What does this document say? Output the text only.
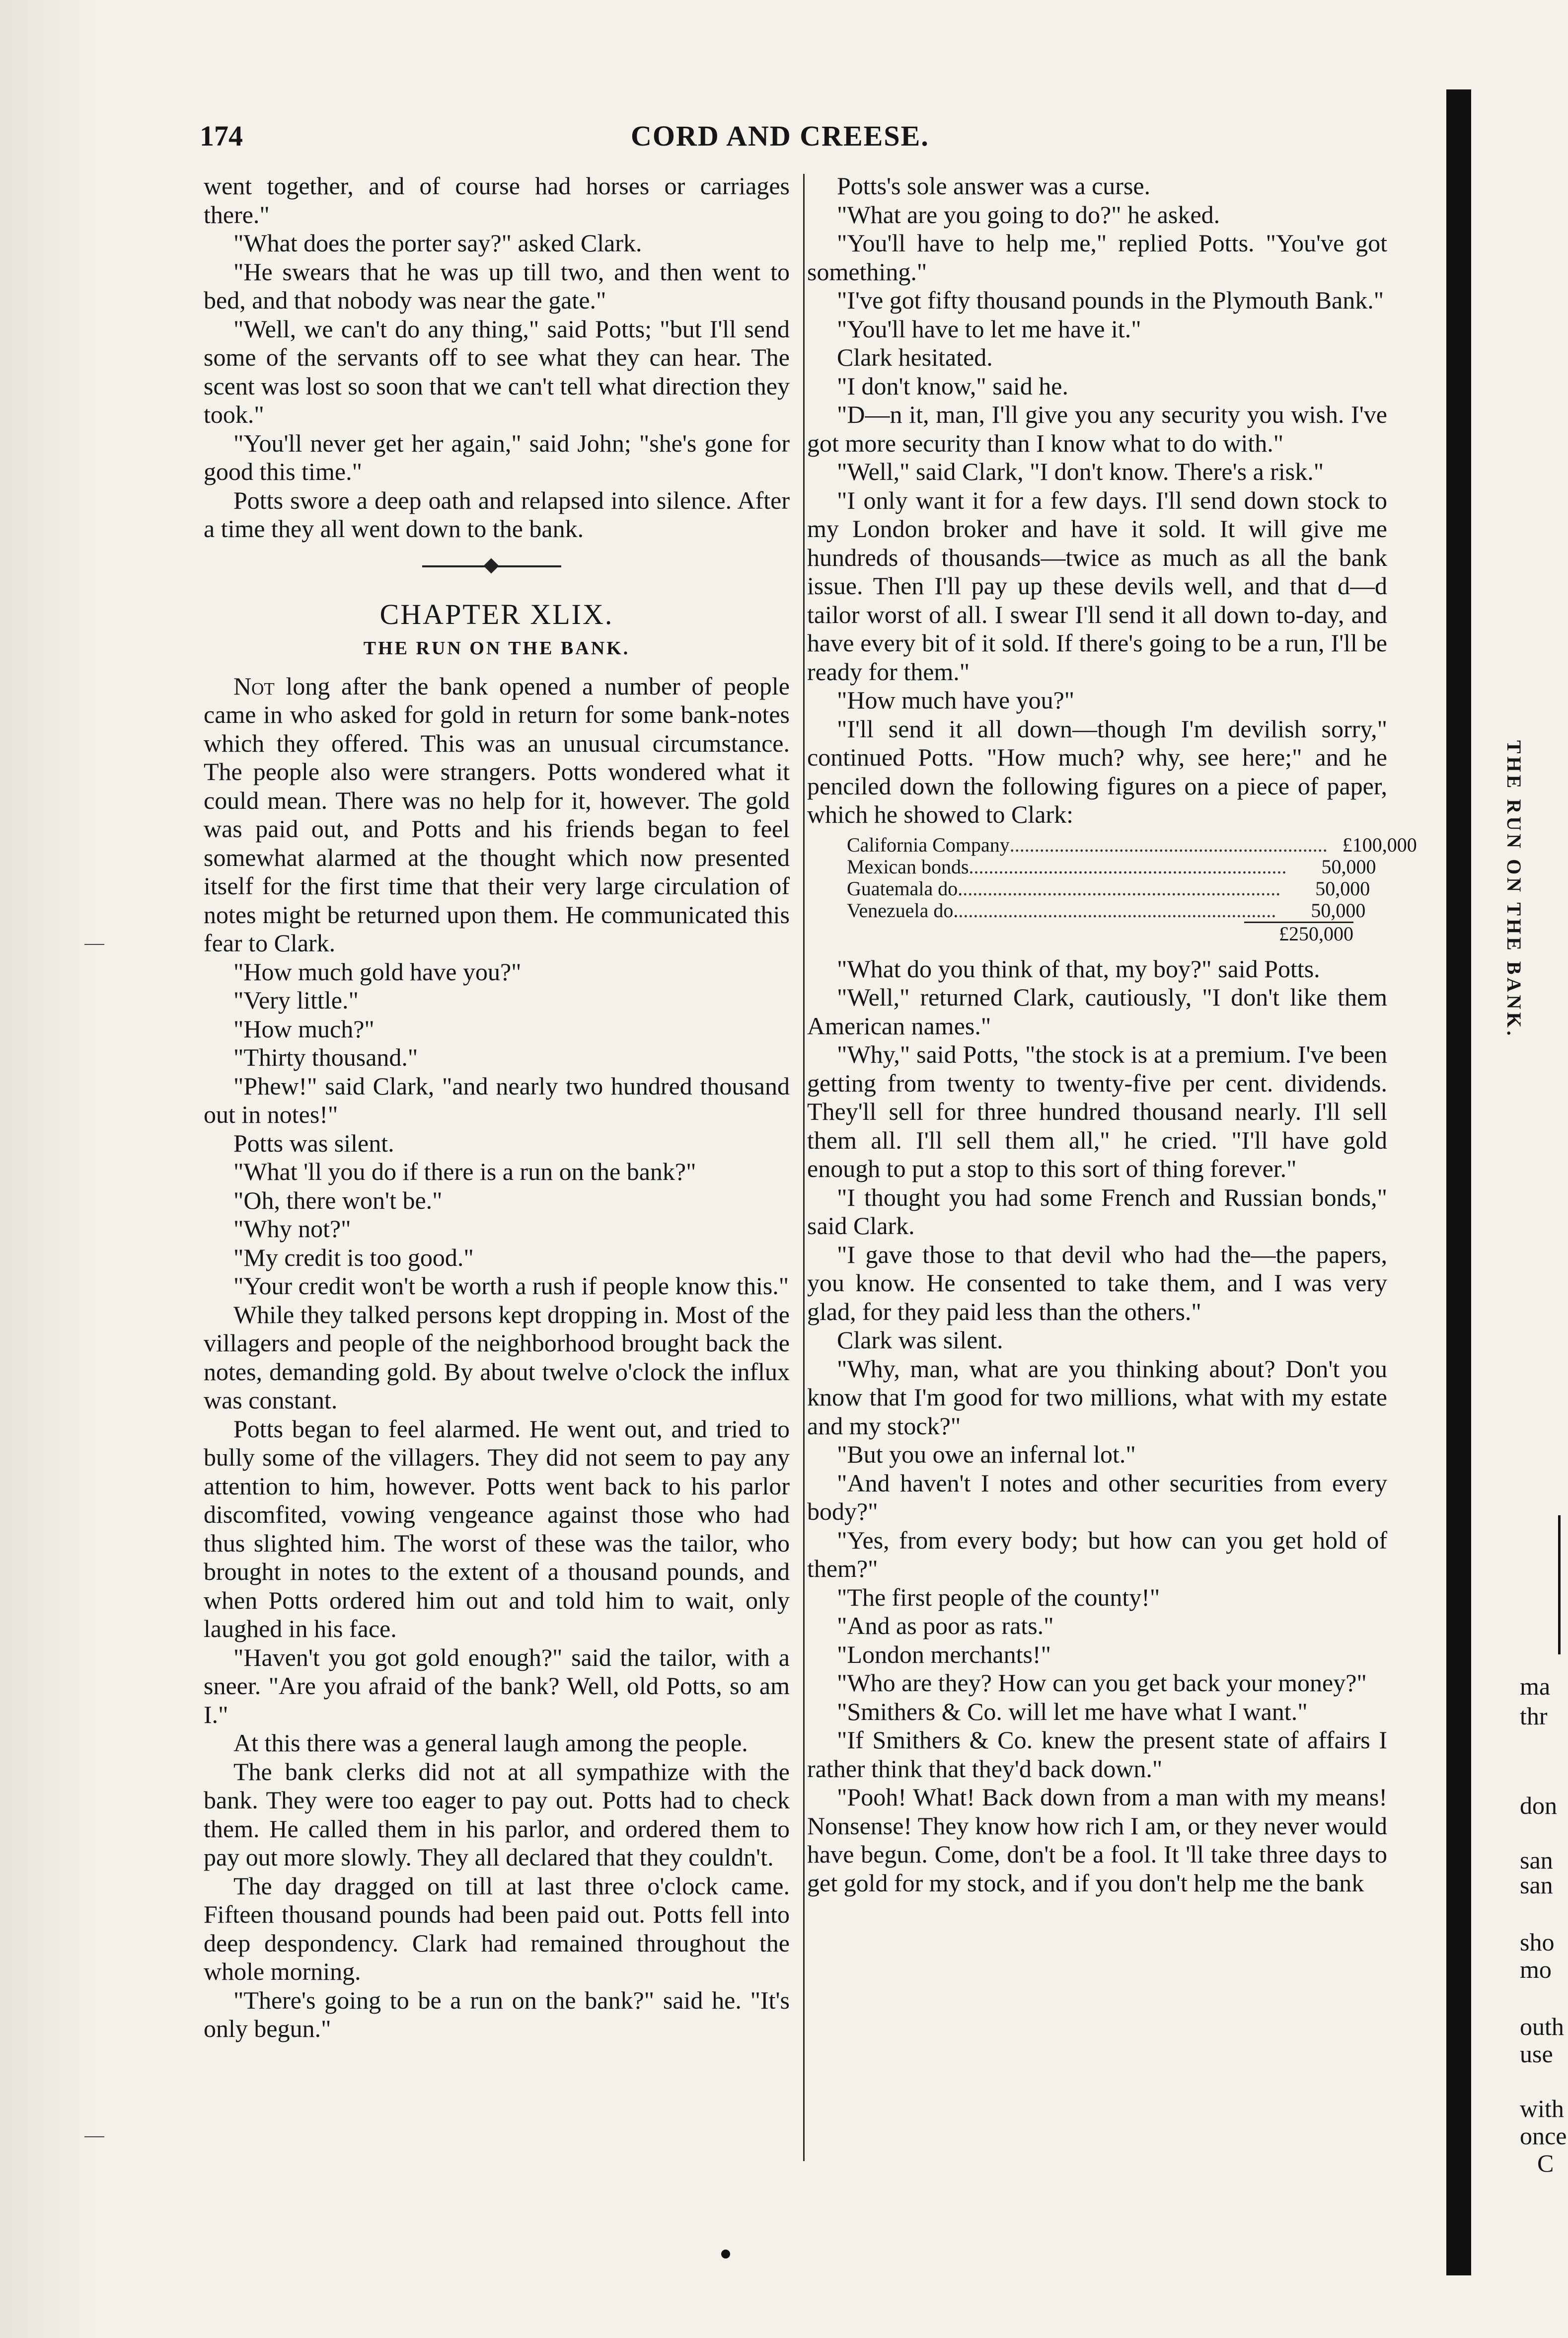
174	CORD AND CREESE.

went together, and of course had horses or carriages there."

"What does the porter say?" asked Clark.

"He swears that he was up till two, and then went to bed, and that nobody was near the gate."

"Well, we can't do any thing," said Potts; "but I'll send some of the servants off to see what they can hear. The scent was lost so soon that we can't tell what direction they took."

"You'll never get her again," said John; "she's gone for good this time."

Potts swore a deep oath and relapsed into silence. After a time they all went down to the bank.

CHAPTER XLIX.
THE RUN ON THE BANK.

Not long after the bank opened a number of people came in who asked for gold in return for some bank-notes which they offered. This was an unusual circumstance. The people also were strangers. Potts wondered what it could mean. There was no help for it, however. The gold was paid out, and Potts and his friends began to feel somewhat alarmed at the thought which now presented itself for the first time that their very large circulation of notes might be returned upon them. He communicated this fear to Clark.

"How much gold have you?"

"Very little."

"How much?"

"Thirty thousand."

"Phew!" said Clark, "and nearly two hundred thousand out in notes!"

Potts was silent.

"What 'll you do if there is a run on the bank?"

"Oh, there won't be."

"Why not?"

"My credit is too good."

"Your credit won't be worth a rush if people know this."

While they talked persons kept dropping in. Most of the villagers and people of the neighborhood brought back the notes, demanding gold. By about twelve o'clock the influx was constant.

Potts began to feel alarmed. He went out, and tried to bully some of the villagers. They did not seem to pay any attention to him, however. Potts went back to his parlor discomfited, vowing vengeance against those who had thus slighted him. The worst of these was the tailor, who brought in notes to the extent of a thousand pounds, and when Potts ordered him out and told him to wait, only laughed in his face.

"Haven't you got gold enough?" said the tailor, with a sneer. "Are you afraid of the bank? Well, old Potts, so am I."

At this there was a general laugh among the people.

The bank clerks did not at all sympathize with the bank. They were too eager to pay out. Potts had to check them. He called them in his parlor, and ordered them to pay out more slowly. They all declared that they couldn't.

The day dragged on till at last three o'clock came. Fifteen thousand pounds had been paid out. Potts fell into deep despondency. Clark had remained throughout the whole morning.

"There's going to be a run on the bank?" said he. "It's only begun."

Potts's sole answer was a curse.

"What are you going to do?" he asked.

"You'll have to help me," replied Potts. "You've got something."

"I've got fifty thousand pounds in the Plymouth Bank."

"You'll have to let me have it."

Clark hesitated.

"I don't know," said he.

"D—n it, man, I'll give you any security you wish. I've got more security than I know what to do with."

"Well," said Clark, "I don't know. There's a risk."

"I only want it for a few days. I'll send down stock to my London broker and have it sold. It will give me hundreds of thousands—twice as much as all the bank issue. Then I'll pay up these devils well, and that d—d tailor worst of all. I swear I'll send it all down to-day, and have every bit of it sold. If there's going to be a run, I'll be ready for them."

"How much have you?"

"I'll send it all down—though I'm devilish sorry," continued Potts. "How much? why, see here;" and he penciled down the following figures on a piece of paper, which he showed to Clark:

California Company ................................................................ £100,000
Mexican bonds ................................................................	50,000
Guatemala do. ................................................................	50,000
Venezuela do. ................................................................	50,000
£250,000

"What do you think of that, my boy?" said Potts.

"Well," returned Clark, cautiously, "I don't like them American names."

"Why," said Potts, "the stock is at a premium. I've been getting from twenty to twenty-five per cent. dividends. They'll sell for three hundred thousand nearly. I'll sell them all. I'll sell them all," he cried. "I'll have gold enough to put a stop to this sort of thing forever."

"I thought you had some French and Russian bonds," said Clark.

"I gave those to that devil who had the—the papers, you know. He consented to take them, and I was very glad, for they paid less than the others."

Clark was silent.

"Why, man, what are you thinking about? Don't you know that I'm good for two millions, what with my estate and my stock?"

"But you owe an infernal lot."

"And haven't I notes and other securities from every body?"

"Yes, from every body; but how can you get hold of them?"

"The first people of the county!"

"And as poor as rats."

"London merchants!"

"Who are they? How can you get back your money?"

"Smithers & Co. will let me have what I want."

"If Smithers & Co. knew the present state of affairs I rather think that they'd back down."

"Pooh! What! Back down from a man with my means! Nonsense! They know how rich I am, or they never would have begun. Come, don't be a fool. It 'll take three days to get gold for my stock, and if you don't help me the bank

THE RUN ON THE BANK.
ma
thr
don
san
san
sho
mo
outh
use
with
once
C
